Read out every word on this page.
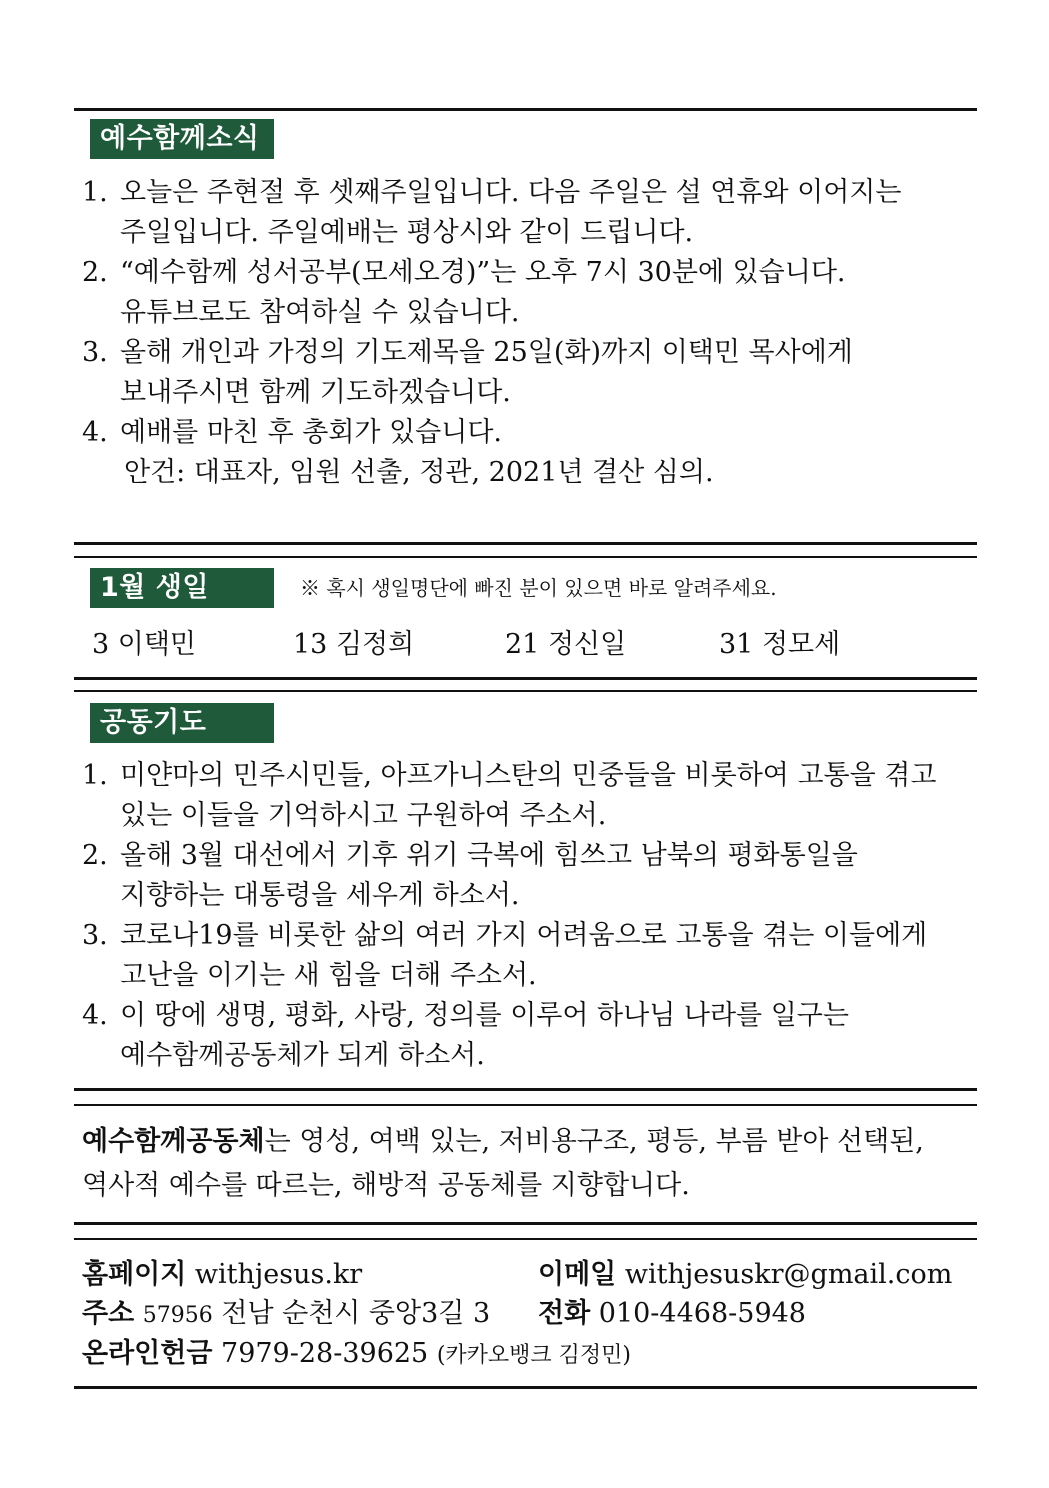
예수함께소식
1. 오늘은 주현절 후 셋째주일입니다. 다음 주일은 설 연휴와 이어지는
주일입니다. 주일예배는 평상시와 같이 드립니다.
2. “예수함께 성서공부(모세오경)”는 오후 7시 30분에 있습니다.
유튜브로도 참여하실 수 있습니다.
3. 올해 개인과 가정의 기도제목을 25일(화)까지 이택민 목사에게
보내주시면 함께 기도하겠습니다.
4. 예배를 마친 후 총회가 있습니다.
안건: 대표자, 임원 선출, 정관, 2021년 결산 심의.
1월 생일	※ 혹시 생일명단에 빠진 분이 있으면 바로 알려주세요.
3 이택민	13 김정희	21 정신일	31 정모세
공동기도
1. 미얀마의 민주시민들, 아프가니스탄의 민중들을 비롯하여 고통을 겪고
있는 이들을 기억하시고 구원하여 주소서.
2. 올해 3월 대선에서 기후 위기 극복에 힘쓰고 남북의 평화통일을
지향하는 대통령을 세우게 하소서.
3. 코로나19를 비롯한 삶의 여러 가지 어려움으로 고통을 겪는 이들에게
고난을 이기는 새 힘을 더해 주소서.
4. 이 땅에 생명, 평화, 사랑, 정의를 이루어 하나님 나라를 일구는
예수함께공동체가 되게 하소서.
예수함께공동체는 영성, 여백 있는, 저비용구조, 평등, 부름 받아 선택된,
역사적 예수를 따르는, 해방적 공동체를 지향합니다.
홈페이지 withjesus.kr	이메일 withjesuskr@gmail.com
주소 57956 전남 순천시 중앙3길 3 전화 010-4468-5948
온라인헌금 7979-28-39625 (카카오뱅크 김정민)
